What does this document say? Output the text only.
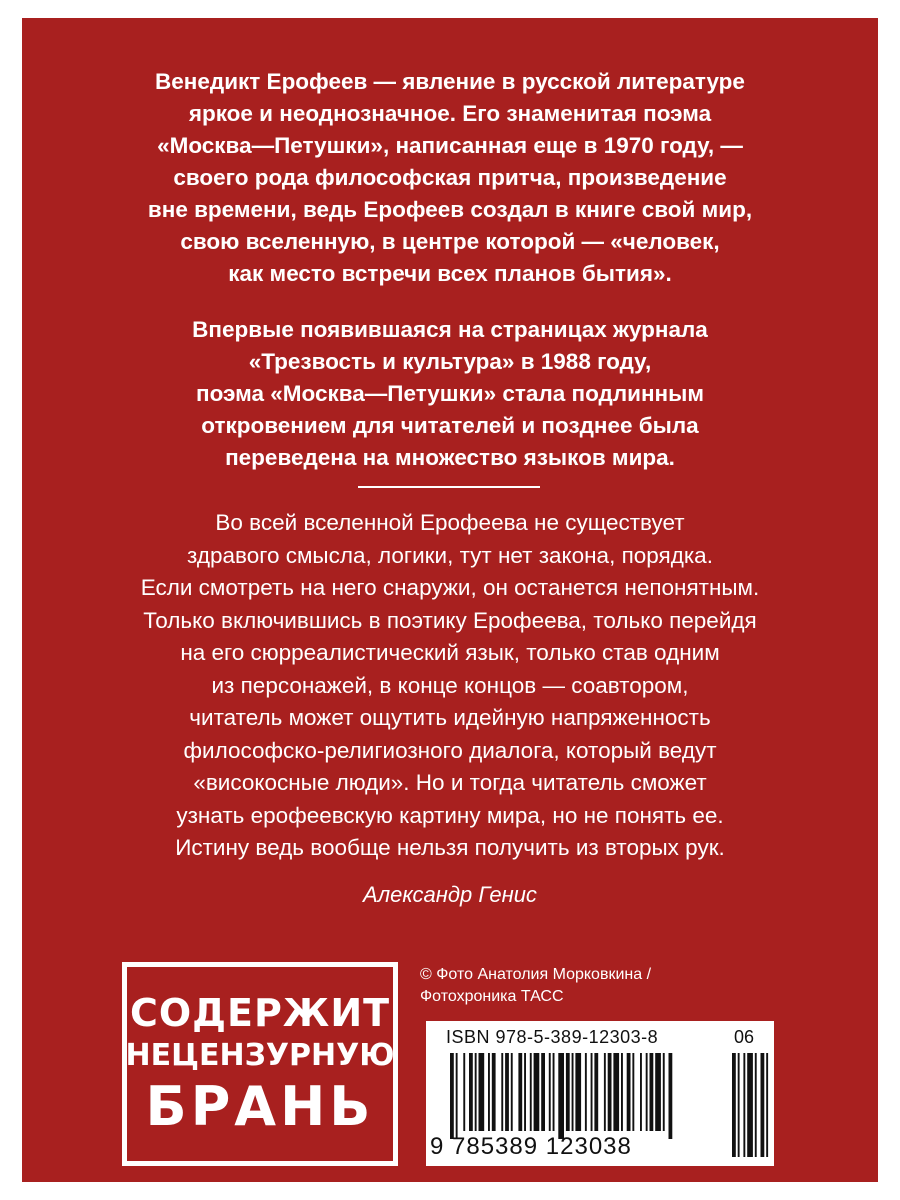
Венедикт Ерофеев — явление в русской литературе
яркое и неоднозначное. Его знаменитая поэма
«Москва—Петушки», написанная еще в 1970 году, —
своего рода философская притча, произведение
вне времени, ведь Ерофеев создал в книге свой мир,
свою вселенную, в центре которой — «человек,
как место встречи всех планов бытия».
Впервые появившаяся на страницах журнала
«Трезвость и культура» в 1988 году,
поэма «Москва—Петушки» стала подлинным
откровением для читателей и позднее была
переведена на множество языков мира.
Во всей вселенной Ерофеева не существует
здравого смысла, логики, тут нет закона, порядка.
Если смотреть на него снаружи, он останется непонятным.
Только включившись в поэтику Ерофеева, только перейдя
на его сюрреалистический язык, только став одним
из персонажей, в конце концов — соавтором,
читатель может ощутить идейную напряженность
философско-религиозного диалога, который ведут
«високосные люди». Но и тогда читатель сможет
узнать ерофеевскую картину мира, но не понять ее.
Истину ведь вообще нельзя получить из вторых рук.
Александр Генис
СОДЕРЖИТ
НЕЦЕНЗУРНУЮ
БРАНЬ
© Фото Анатолия Морковкина /
Фотохроника ТАСС
ISBN 978-5-389-12303-8	06
9 785389 123038
